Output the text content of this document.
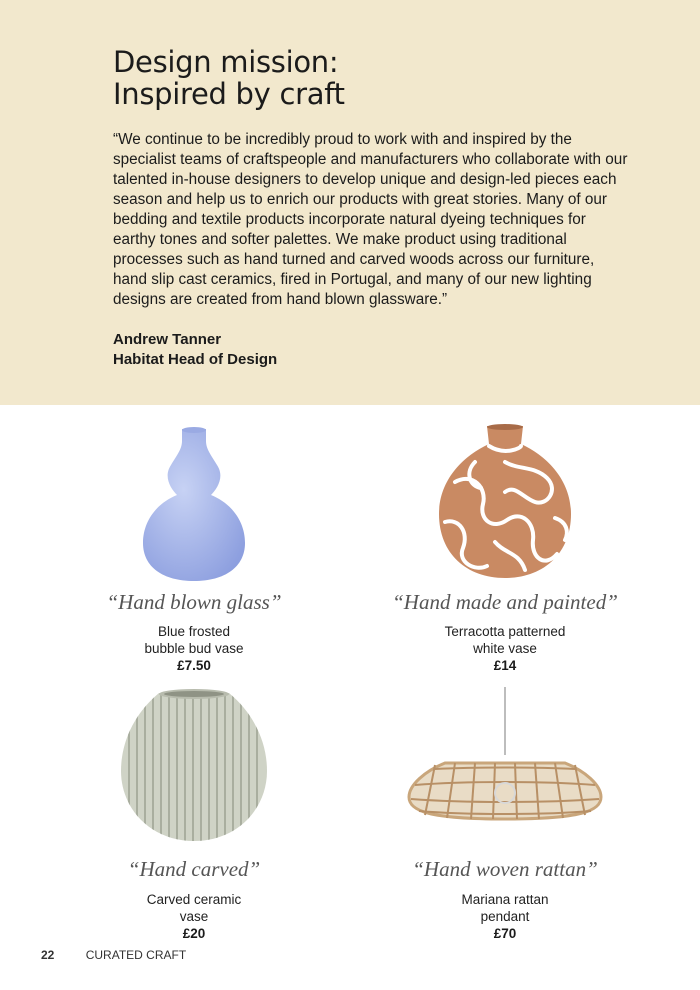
Design mission:
Inspired by craft

“We continue to be incredibly proud to work with and inspired by the specialist teams of craftspeople and manufacturers who collaborate with our talented in-house designers to develop unique and design-led pieces each season and help us to enrich our products with great stories. Many of our bedding and textile products incorporate natural dyeing techniques for earthy tones and softer palettes. We make product using traditional processes such as hand turned and carved woods across our furniture, hand slip cast ceramics, fired in Portugal, and many of our new lighting designs are created from hand blown glassware.”

Andrew Tanner
Habitat Head of Design
“Hand blown glass”
Blue frosted
bubble bud vase
£7.50
“Hand made and painted”
Terracotta patterned
white vase
£14
“Hand carved”
Carved ceramic
vase
£20
“Hand woven rattan”
Mariana rattan
pendant
£70
22	CURATED CRAFT
